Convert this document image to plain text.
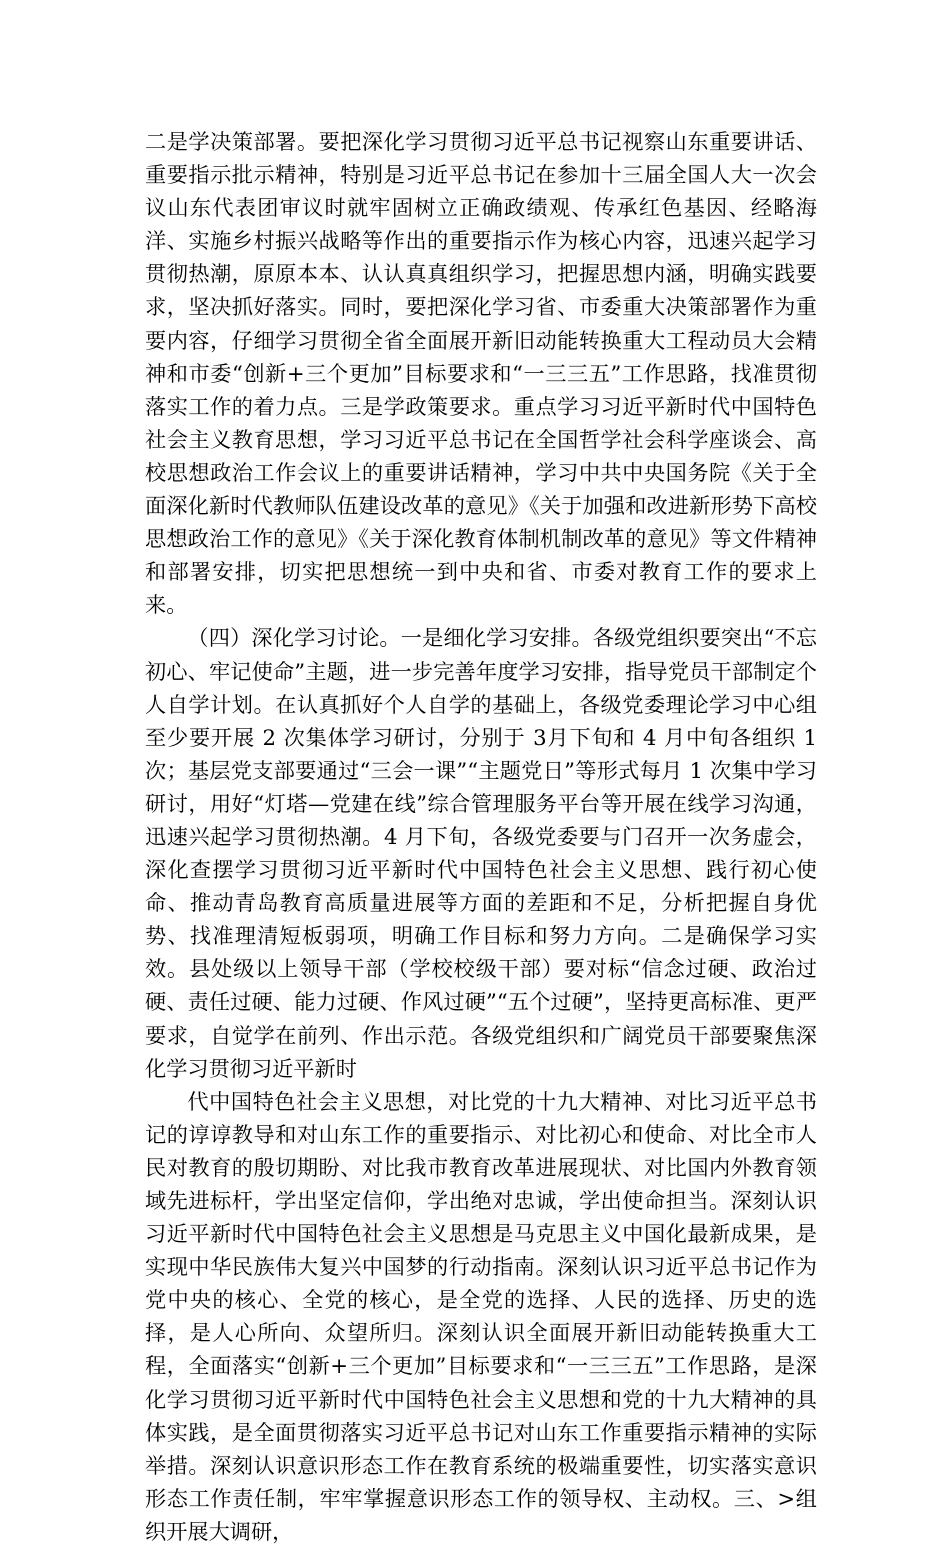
二是学决策部署。要把深化学习贯彻习近平总书记视察山东重要讲话、重要指示批示精神，特别是习近平总书记在参加十三届全国人大一次会议山东代表团审议时就牢固树立正确政绩观、传承红色基因、经略海洋、实施乡村振兴战略等作出的重要指示作为核心内容，迅速兴起学习贯彻热潮，原原本本、认认真真组织学习，把握思想内涵，明确实践要求，坚决抓好落实。同时，要把深化学习省、市委重大决策部署作为重要内容，仔细学习贯彻全省全面展开新旧动能转换重大工程动员大会精神和市委“创新+三个更加”目标要求和“一三三五”工作思路，找准贯彻落实工作的着力点。三是学政策要求。重点学习习近平新时代中国特色社会主义教育思想，学习习近平总书记在全国哲学社会科学座谈会、高校思想政治工作会议上的重要讲话精神，学习中共中央国务院《关于全面深化新时代教师队伍建设改革的意见》《关于加强和改进新形势下高校思想政治工作的意见》《关于深化教育体制机制改革的意见》等文件精神和部署安排，切实把思想统一到中央和省、市委对教育工作的要求上来。

（四）深化学习讨论。一是细化学习安排。各级党组织要突出“不忘初心、牢记使命”主题，进一步完善年度学习安排，指导党员干部制定个人自学计划。在认真抓好个人自学的基础上，各级党委理论学习中心组至少要开展 2 次集体学习研讨，分别于 3月下旬和 4 月中旬各组织 1 次；基层党支部要通过“三会一课”“主题党日”等形式每月 1 次集中学习研讨，用好“灯塔—党建在线”综合管理服务平台等开展在线学习沟通，迅速兴起学习贯彻热潮。4 月下旬，各级党委要与门召开一次务虚会，深化查摆学习贯彻习近平新时代中国特色社会主义思想、践行初心使命、推动青岛教育高质量进展等方面的差距和不足，分析把握自身优势、找准理清短板弱项，明确工作目标和努力方向。二是确保学习实效。县处级以上领导干部（学校校级干部）要对标“信念过硬、政治过硬、责任过硬、能力过硬、作风过硬”“五个过硬”，坚持更高标准、更严要求，自觉学在前列、作出示范。各级党组织和广阔党员干部要聚焦深化学习贯彻习近平新时

代中国特色社会主义思想，对比党的十九大精神、对比习近平总书记的谆谆教导和对山东工作的重要指示、对比初心和使命、对比全市人民对教育的殷切期盼、对比我市教育改革进展现状、对比国内外教育领域先进标杆，学出坚定信仰，学出绝对忠诚，学出使命担当。深刻认识习近平新时代中国特色社会主义思想是马克思主义中国化最新成果，是实现中华民族伟大复兴中国梦的行动指南。深刻认识习近平总书记作为党中央的核心、全党的核心，是全党的选择、人民的选择、历史的选择，是人心所向、众望所归。深刻认识全面展开新旧动能转换重大工程，全面落实“创新+三个更加”目标要求和“一三三五”工作思路，是深化学习贯彻习近平新时代中国特色社会主义思想和党的十九大精神的具体实践，是全面贯彻落实习近平总书记对山东工作重要指示精神的实际举措。深刻认识意识形态工作在教育系统的极端重要性，切实落实意识形态工作责任制，牢牢掌握意识形态工作的领导权、主动权。三、>组织开展大调研，
